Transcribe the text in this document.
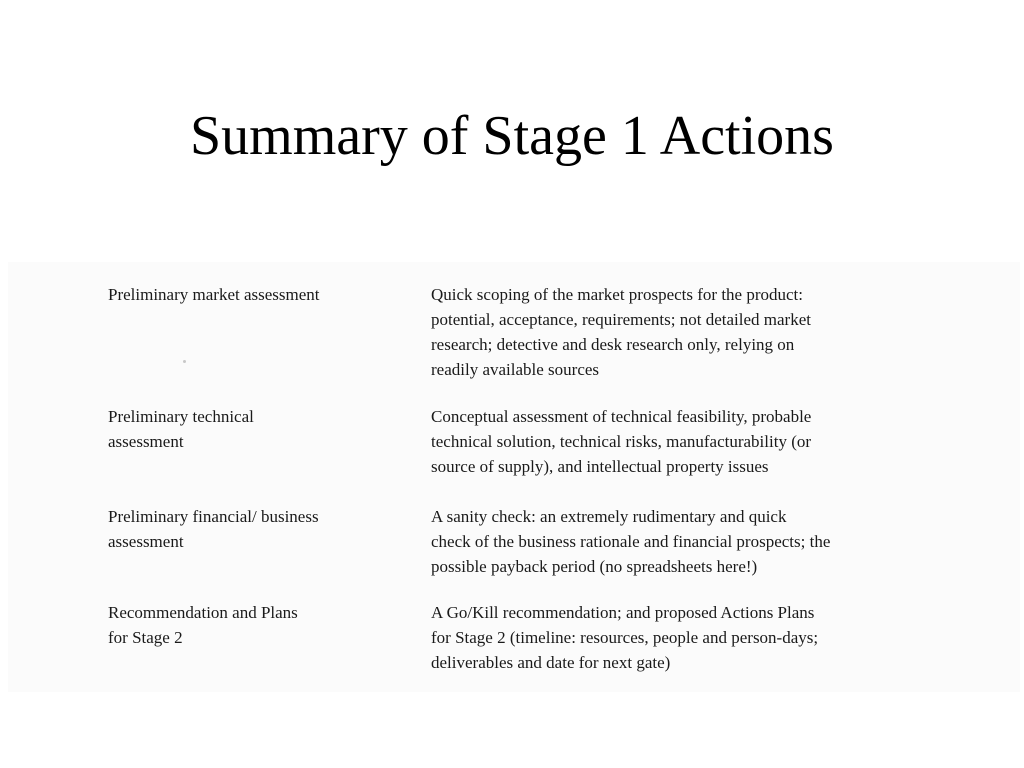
Summary of Stage 1 Actions
Preliminary market assessment	Quick scoping of the market prospects for the product:
potential, acceptance, requirements; not detailed market
research; detective and desk research only, relying on
readily available sources
Preliminary technical
assessment
Conceptual assessment of technical feasibility, probable
technical solution, technical risks, manufacturability (or
source of supply), and intellectual property issues
Preliminary financial/ business
assessment
A sanity check: an extremely rudimentary and quick
check of the business rationale and financial prospects; the
possible payback period (no spreadsheets here!)
Recommendation and Plans
for Stage 2
A Go/Kill recommendation; and proposed Actions Plans
for Stage 2 (timeline: resources, people and person-days;
deliverables and date for next gate)
